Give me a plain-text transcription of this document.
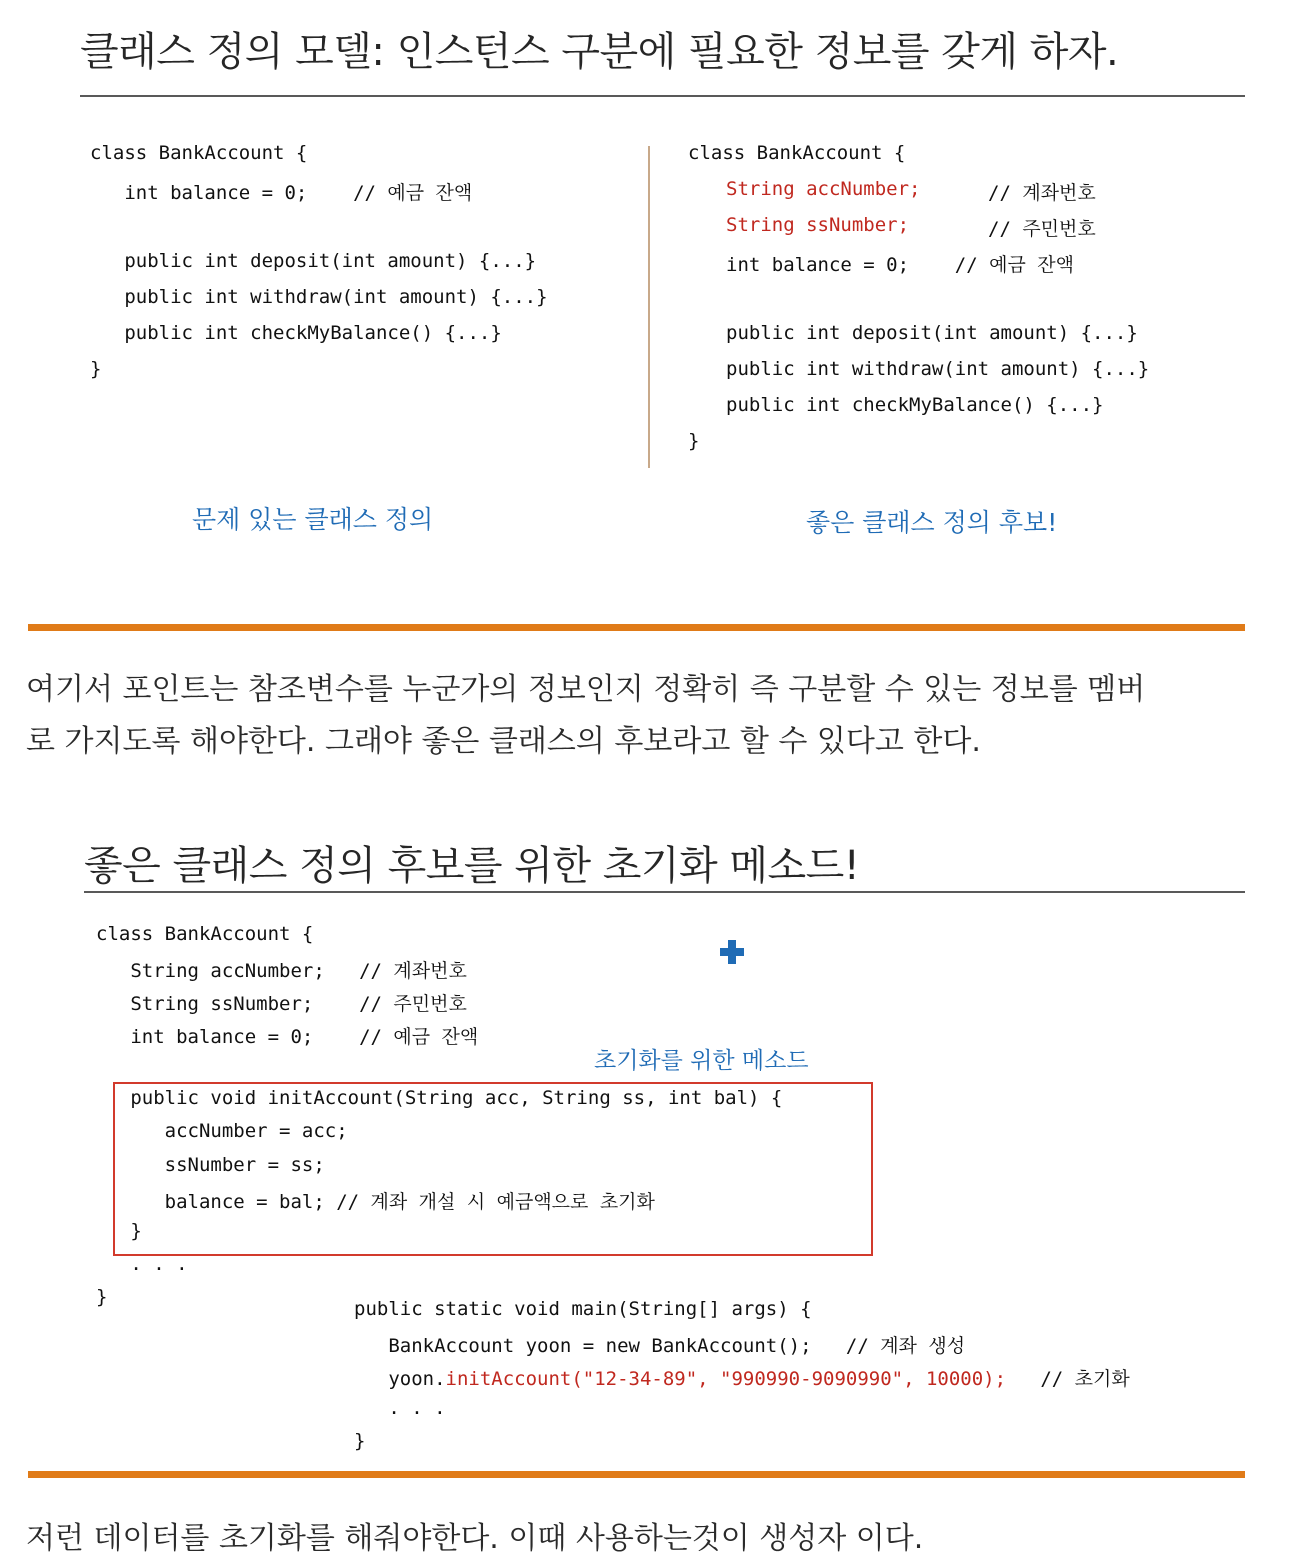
클래스 정의 모델: 인스턴스 구분에 필요한 정보를 갖게 하자.

class BankAccount {

int balance = 0;    // 예금 잔액

public int deposit(int amount) {...}

public int withdraw(int amount) {...}

public int checkMyBalance() {...}

}

class BankAccount {

String accNumber;	// 계좌번호

String ssNumber;	// 주민번호

int balance = 0;    // 예금 잔액

public int deposit(int amount) {...}

public int withdraw(int amount) {...}

public int checkMyBalance() {...}

}

문제 있는 클래스 정의	좋은 클래스 정의 후보!
여기서 포인트는 참조변수를 누군가의 정보인지 정확히 즉 구분할 수 있는 정보를 멤버
로 가지도록 해야한다. 그래야 좋은 클래스의 후보라고 할 수 있다고 한다.
좋은 클래스 정의 후보를 위한 초기화 메소드!

class BankAccount {

String accNumber;   // 계좌번호

String ssNumber;    // 주민번호

int balance = 0;    // 예금 잔액

public void initAccount(String acc, String ss, int bal) {

accNumber = acc;

ssNumber = ss;

balance = bal; // 계좌 개설 시 예금액으로 초기화

}

. . .

}

초기화를 위한 메소드

public static void main(String[] args) {

BankAccount yoon = new BankAccount();   // 계좌 생성

yoon.initAccount("12-34-89", "990990-9090990", 10000);   // 초기화

. . .

}

저런 데이터를 초기화를 해줘야한다. 이때 사용하는것이 생성자 이다.
